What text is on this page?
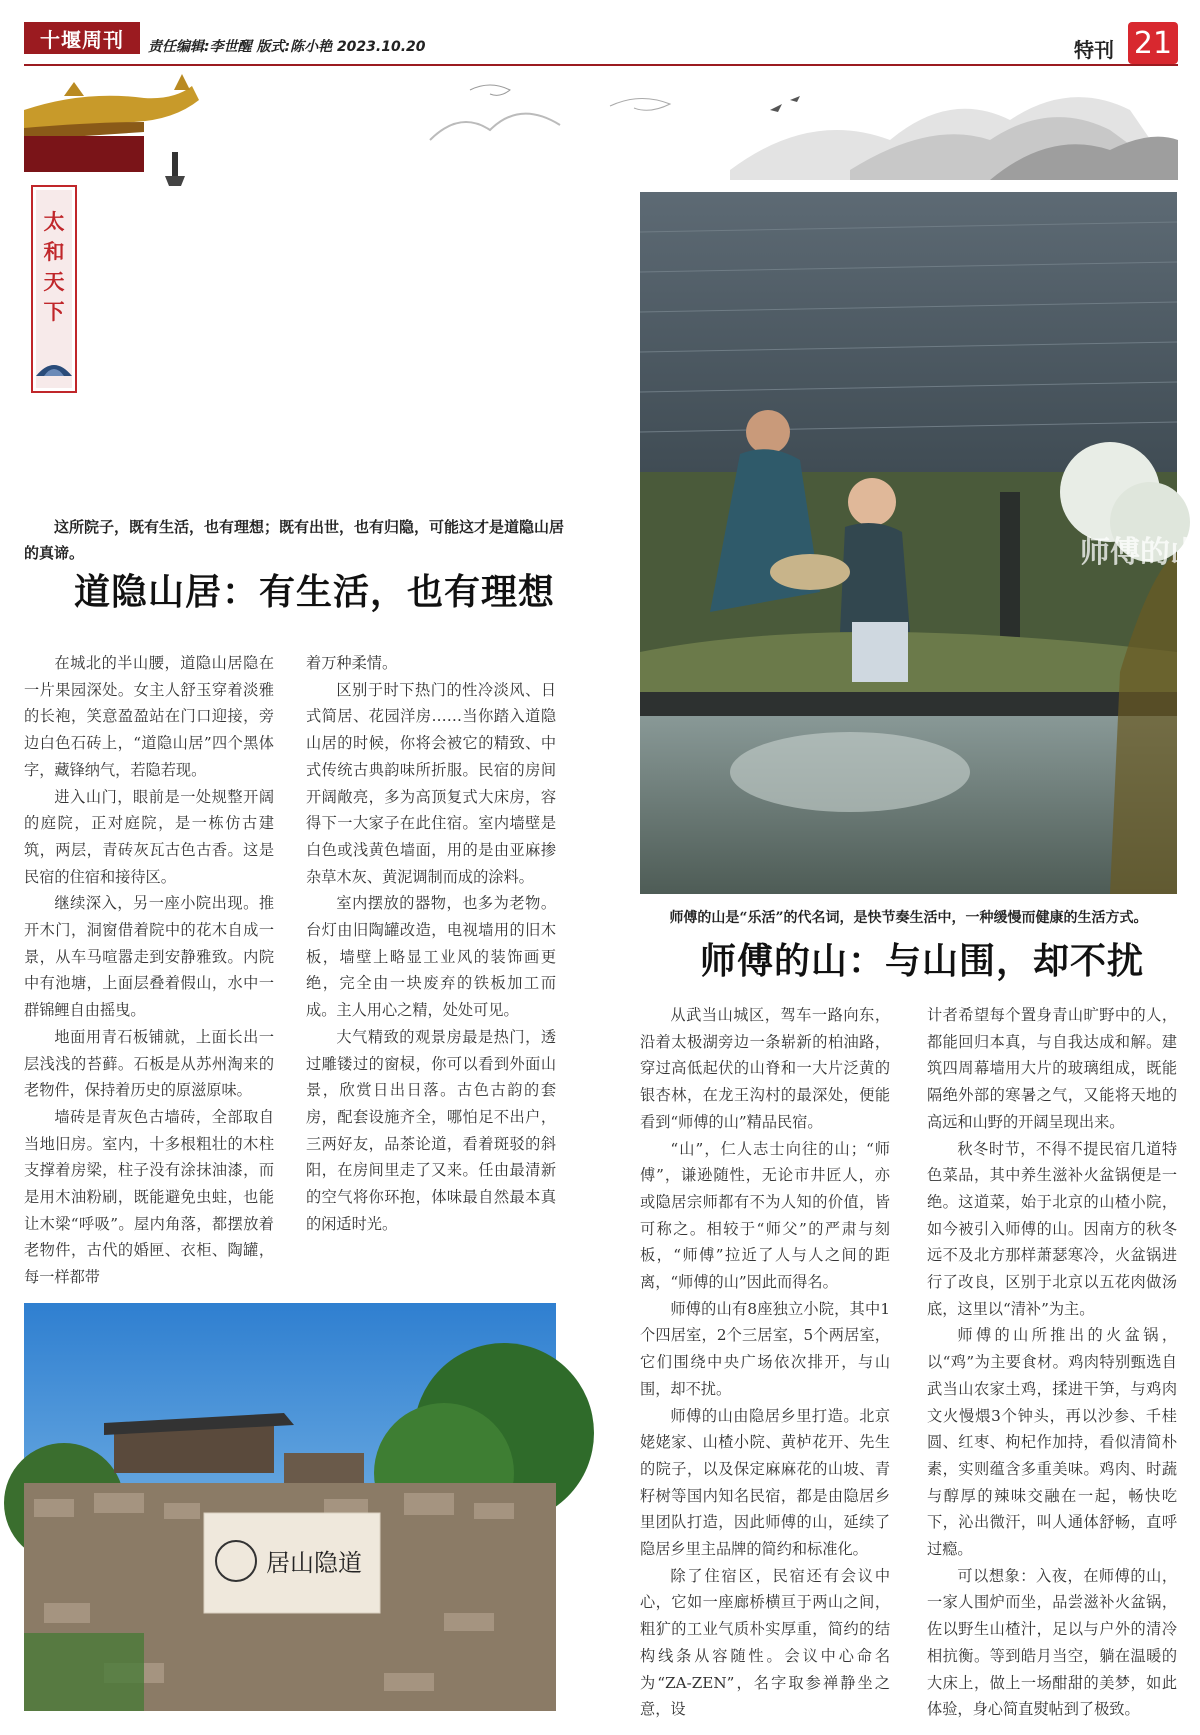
十堰周刊	责任编辑:李世醒 版式:陈小艳 2023.10.20	特刊 21
太
和
天
下
这所院子，既有生活，也有理想；既有出世，也有归隐，可能这才是道隐山居的真谛。
道隐山居：有生活，也有理想

在城北的半山腰，道隐山居隐在一片果园深处。女主人舒玉穿着淡雅的长袍，笑意盈盈站在门口迎接，旁边白色石砖上，“道隐山居”四个黑体字，藏锋纳气，若隐若现。

进入山门，眼前是一处规整开阔的庭院，正对庭院，是一栋仿古建筑，两层，青砖灰瓦古色古香。这是民宿的住宿和接待区。

继续深入，另一座小院出现。推开木门，洞窗借着院中的花木自成一景，从车马喧嚣走到安静雅致。内院中有池塘，上面层叠着假山，水中一群锦鲤自由摇曳。

地面用青石板铺就，上面长出一层浅浅的苔藓。石板是从苏州淘来的老物件，保持着历史的原滋原味。

墙砖是青灰色古墙砖，全部取自当地旧房。室内，十多根粗壮的木柱支撑着房梁，柱子没有涂抹油漆，而是用木油粉刷，既能避免虫蛀，也能让木梁“呼吸”。屋内角落，都摆放着老物件，古代的婚匣、衣柜、陶罐，每一样都带

着万种柔情。

区别于时下热门的性冷淡风、日式简居、花园洋房……当你踏入道隐山居的时候，你将会被它的精致、中式传统古典韵味所折服。民宿的房间开阔敞亮，多为高顶复式大床房，容得下一大家子在此住宿。室内墙壁是白色或浅黄色墙面，用的是由亚麻掺杂草木灰、黄泥调制而成的涂料。

室内摆放的器物，也多为老物。台灯由旧陶罐改造，电视墙用的旧木板，墙壁上略显工业风的装饰画更绝，完全由一块废弃的铁板加工而成。主人用心之精，处处可见。

大气精致的观景房最是热门，透过雕镂过的窗棂，你可以看到外面山景，欣赏日出日落。古色古韵的套房，配套设施齐全，哪怕足不出户，三两好友，品茶论道，看着斑驳的斜阳，在房间里走了又来。任由最清新的空气将你环抱，体味最自然最本真的闲适时光。

师傅的山
师傅的山是“乐活”的代名词，是快节奏生活中，一种缓慢而健康的生活方式。
师傅的山：与山围，却不扰

从武当山城区，驾车一路向东，沿着太极湖旁边一条崭新的柏油路，穿过高低起伏的山脊和一大片泛黄的银杏林，在龙王沟村的最深处，便能看到“师傅的山”精品民宿。

“山”，仁人志士向往的山；“师傅”，谦逊随性，无论市井匠人，亦或隐居宗师都有不为人知的价值，皆可称之。相较于“师父”的严肃与刻板，“师傅”拉近了人与人之间的距离，“师傅的山”因此而得名。

师傅的山有8座独立小院，其中1个四居室，2个三居室，5个两居室，它们围绕中央广场依次排开，与山围，却不扰。

师傅的山由隐居乡里打造。北京姥姥家、山楂小院、黄栌花开、先生的院子，以及保定麻麻花的山坡、青籽树等国内知名民宿，都是由隐居乡里团队打造，因此师傅的山，延续了隐居乡里主品牌的简约和标准化。

除了住宿区，民宿还有会议中心，它如一座廊桥横亘于两山之间，粗犷的工业气质朴实厚重，简约的结构线条从容随性。会议中心命名为“ZA-ZEN”，名字取参禅静坐之意，设

计者希望每个置身青山旷野中的人，都能回归本真，与自我达成和解。建筑四周幕墙用大片的玻璃组成，既能隔绝外部的寒暑之气，又能将天地的高远和山野的开阔呈现出来。

秋冬时节，不得不提民宿几道特色菜品，其中养生滋补火盆锅便是一绝。这道菜，始于北京的山楂小院，如今被引入师傅的山。因南方的秋冬远不及北方那样萧瑟寒冷，火盆锅进行了改良，区别于北京以五花肉做汤底，这里以“清补”为主。

师傅的山所推出的火盆锅，以“鸡”为主要食材。鸡肉特别甄选自武当山农家土鸡，揉进干笋，与鸡肉文火慢煨3个钟头，再以沙参、千桂圆、红枣、枸杞作加持，看似清简朴素，实则蕴含多重美味。鸡肉、时蔬与醇厚的辣味交融在一起，畅快吃下，沁出微汗，叫人通体舒畅，直呼过瘾。

可以想象：入夜，在师傅的山，一家人围炉而坐，品尝滋补火盆锅，佐以野生山楂汁，足以与户外的清冷相抗衡。等到皓月当空，躺在温暖的大床上，做上一场酣甜的美梦，如此体验，身心简直熨帖到了极致。

居山隐道
